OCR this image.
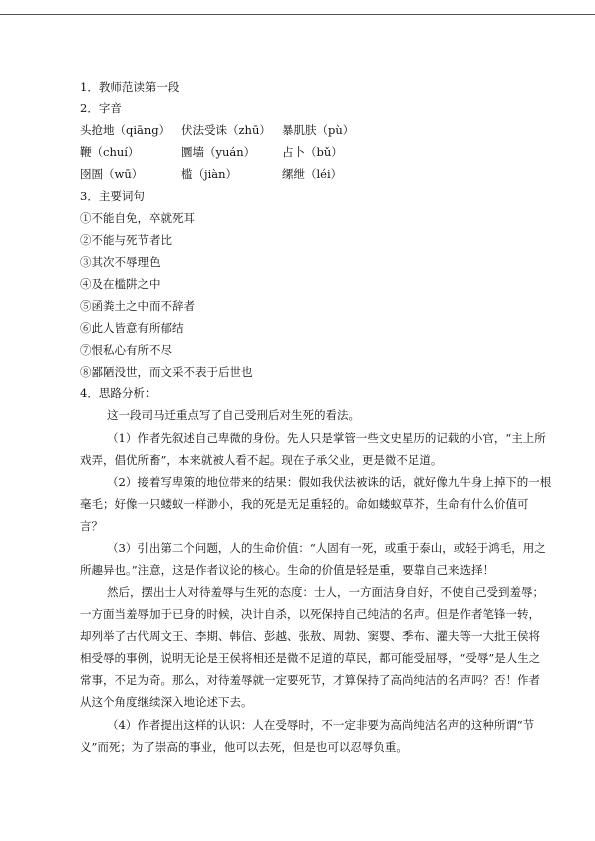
1．教师范读第一段
2．字音
头抢地（qiāng） 伏法受诛（zhū） 暴肌肤（pù）
鞭（chuí）	圜墙（yuán） 占卜（bǔ）
囹圄（wū）	槛（jiàn）	缧绁（léi）
3．主要词句
①不能自免，卒就死耳
②不能与死节者比
③其次不辱理色
④及在槛阱之中
⑤函粪土之中而不辞者
⑥此人皆意有所郁结
⑦恨私心有所不尽
⑧鄙陋没世，而文采不表于后世也
4．思路分析：
这一段司马迁重点写了自己受刑后对生死的看法。
（1）作者先叙述自己卑微的身份。先人只是掌管一些文史星历的记载的小官，“主上所
戏弄，倡优所畜”，本来就被人看不起。现在子承父业，更是微不足道。
（2）接着写卑策的地位带来的结果：假如我伏法被诛的话，就好像九牛身上掉下的一根
毫毛；好像一只蝼蚁一样渺小，我的死是无足重轻的。命如蝼蚁草芥，生命有什么价值可
言？
（3）引出第二个问题，人的生命价值：“人固有一死，或重于泰山，或轻于鸿毛，用之
所趣异也。”注意，这是作者议论的核心。生命的价值是轻是重，要靠自己来选择！
然后，摆出士人对待羞辱与生死的态度：士人，一方面洁身自好，不使自己受到羞辱；
一方面当羞辱加于已身的时候，决计自杀，以死保持自己纯洁的名声。但是作者笔锋一转，
却列举了古代周文王、李期、韩信、彭越、张敖、周勃、窦婴、季布、灌夫等一大批王侯将
相受辱的事例，说明无论是王侯将相还是微不足道的草民，都可能受屈辱，“受辱”是人生之
常事，不足为奇。那么，对待羞辱就一定要死节，才算保持了高尚纯洁的名声吗？否！作者
从这个角度继续深入地论述下去。
（4）作者提出这样的认识：人在受辱时，不一定非要为高尚纯洁名声的这种所谓“节
义”而死；为了崇高的事业，他可以去死，但是也可以忍辱负重。
